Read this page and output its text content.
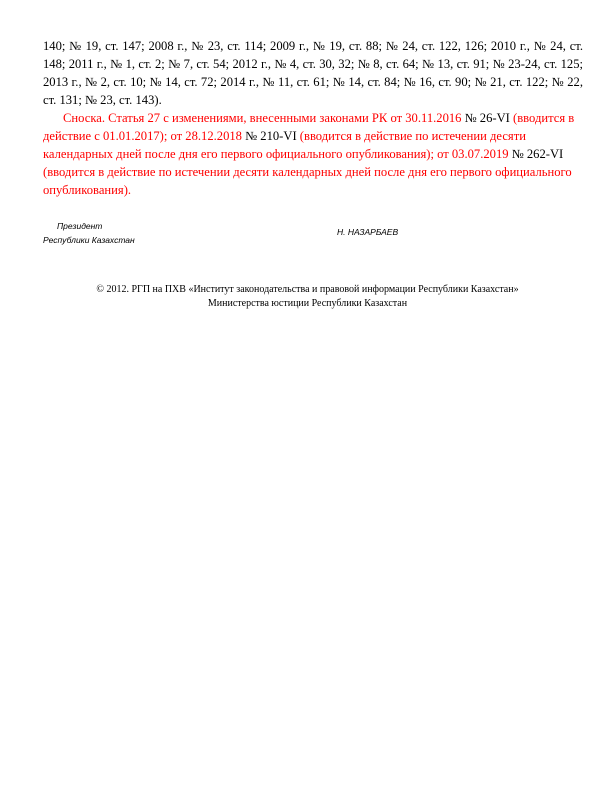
140; № 19, ст. 147; 2008 г., № 23, ст. 114; 2009 г., № 19, ст. 88; № 24, ст. 122, 126; 2010 г., № 24, ст. 148; 2011 г., № 1, ст. 2; № 7, ст. 54; 2012 г., № 4, ст. 30, 32; № 8, ст. 64; № 13, ст. 91; № 23-24, ст. 125; 2013 г., № 2, ст. 10; № 14, ст. 72; 2014 г., № 11, ст. 61; № 14, ст. 84; № 16, ст. 90; № 21, ст. 122; № 22, ст. 131; № 23, ст. 143).

Сноска. Статья 27 с изменениями, внесенными законами РК от 30.11.2016 № 26-VI (вводится в действие с 01.01.2017); от 28.12.2018 № 210-VI (вводится в действие по истечении десяти календарных дней после дня его первого официального опубликования); от 03.07.2019 № 262-VI (вводится в действие по истечении десяти календарных дней после дня его первого официального опубликования).

Президент
Республики Казахстан
Н. НАЗАРБАЕВ
© 2012. РГП на ПХВ «Институт законодательства и правовой информации Республики Казахстан»
Министерства юстиции Республики Казахстан
